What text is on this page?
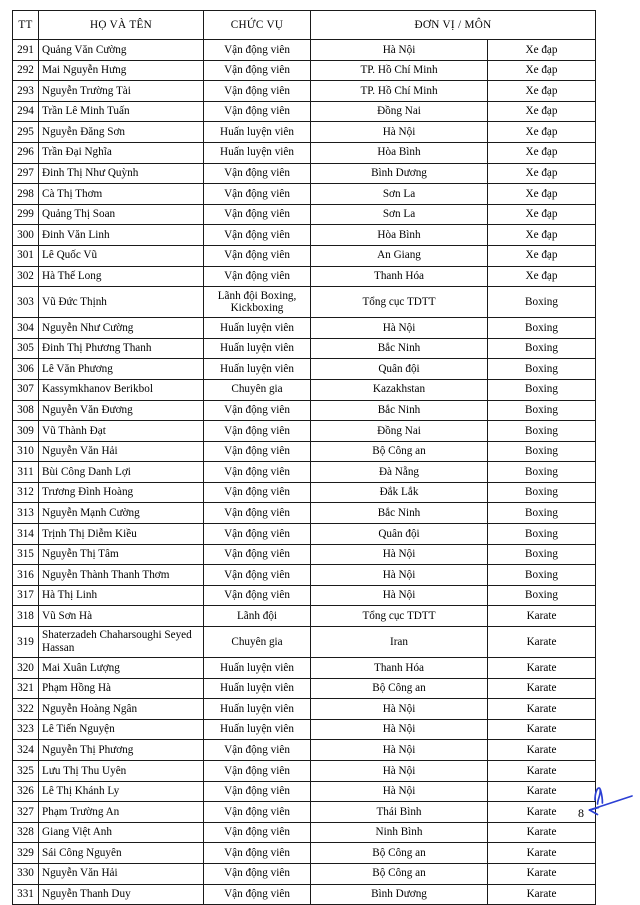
TT	HỌ VÀ TÊN	CHỨC VỤ	ĐƠN VỊ / MÔN	
291	Quảng Văn Cường	Vận động viên	Hà Nội	Xe đạp
292	Mai Nguyễn Hưng	Vận động viên	TP. Hồ Chí Minh	Xe đạp
293	Nguyễn Trường Tài	Vận động viên	TP. Hồ Chí Minh	Xe đạp
294	Trần Lê Minh Tuấn	Vận động viên	Đồng Nai	Xe đạp
295	Nguyễn Đăng Sơn	Huấn luyện viên	Hà Nội	Xe đạp
296	Trần Đại Nghĩa	Huấn luyện viên	Hòa Bình	Xe đạp
297	Đinh Thị Như Quỳnh	Vận động viên	Bình Dương	Xe đạp
298	Cà Thị Thơm	Vận động viên	Sơn La	Xe đạp
299	Quảng Thị Soan	Vận động viên	Sơn La	Xe đạp
300	Đinh Văn Linh	Vận động viên	Hòa Bình	Xe đạp
301	Lê Quốc Vũ	Vận động viên	An Giang	Xe đạp
302	Hà Thế Long	Vận động viên	Thanh Hóa	Xe đạp
303	Vũ Đức Thịnh	Lãnh đội Boxing, Kickboxing	Tổng cục TDTT	Boxing
304	Nguyễn Như Cường	Huấn luyện viên	Hà Nội	Boxing
305	Đinh Thị Phương Thanh	Huấn luyện viên	Bắc Ninh	Boxing
306	Lê Văn Phương	Huấn luyện viên	Quân đội	Boxing
307	Kassymkhanov Berikbol	Chuyên gia	Kazakhstan	Boxing
308	Nguyễn Văn Đương	Vận động viên	Bắc Ninh	Boxing
309	Vũ Thành Đạt	Vận động viên	Đồng Nai	Boxing
310	Nguyễn Văn Hải	Vận động viên	Bộ Công an	Boxing
311	Bùi Công Danh Lợi	Vận động viên	Đà Nẵng	Boxing
312	Trương Đình Hoàng	Vận động viên	Đắk Lắk	Boxing
313	Nguyễn Mạnh Cường	Vận động viên	Bắc Ninh	Boxing
314	Trịnh Thị Diễm Kiều	Vận động viên	Quân đội	Boxing
315	Nguyễn Thị Tâm	Vận động viên	Hà Nội	Boxing
316	Nguyễn Thành Thanh Thơm	Vận động viên	Hà Nội	Boxing
317	Hà Thị Linh	Vận động viên	Hà Nội	Boxing
318	Vũ Sơn Hà	Lãnh đội	Tổng cục TDTT	Karate
319	Shaterzadeh Chaharsoughi Seyed Hassan	Chuyên gia	Iran	Karate
320	Mai Xuân Lượng	Huấn luyện viên	Thanh Hóa	Karate
321	Phạm Hồng Hà	Huấn luyện viên	Bộ Công an	Karate
322	Nguyễn Hoàng Ngân	Huấn luyện viên	Hà Nội	Karate
323	Lê Tiến Nguyện	Huấn luyện viên	Hà Nội	Karate
324	Nguyễn Thị Phương	Vận động viên	Hà Nội	Karate
325	Lưu Thị Thu Uyên	Vận động viên	Hà Nội	Karate
326	Lê Thị Khánh Ly	Vận động viên	Hà Nội	Karate
327	Phạm Trường An	Vận động viên	Thái Bình	Karate
328	Giang Việt Anh	Vận động viên	Ninh Bình	Karate
329	Sái Công Nguyên	Vận động viên	Bộ Công an	Karate
330	Nguyễn Văn Hải	Vận động viên	Bộ Công an	Karate
331	Nguyễn Thanh Duy	Vận động viên	Bình Dương	Karate
8
